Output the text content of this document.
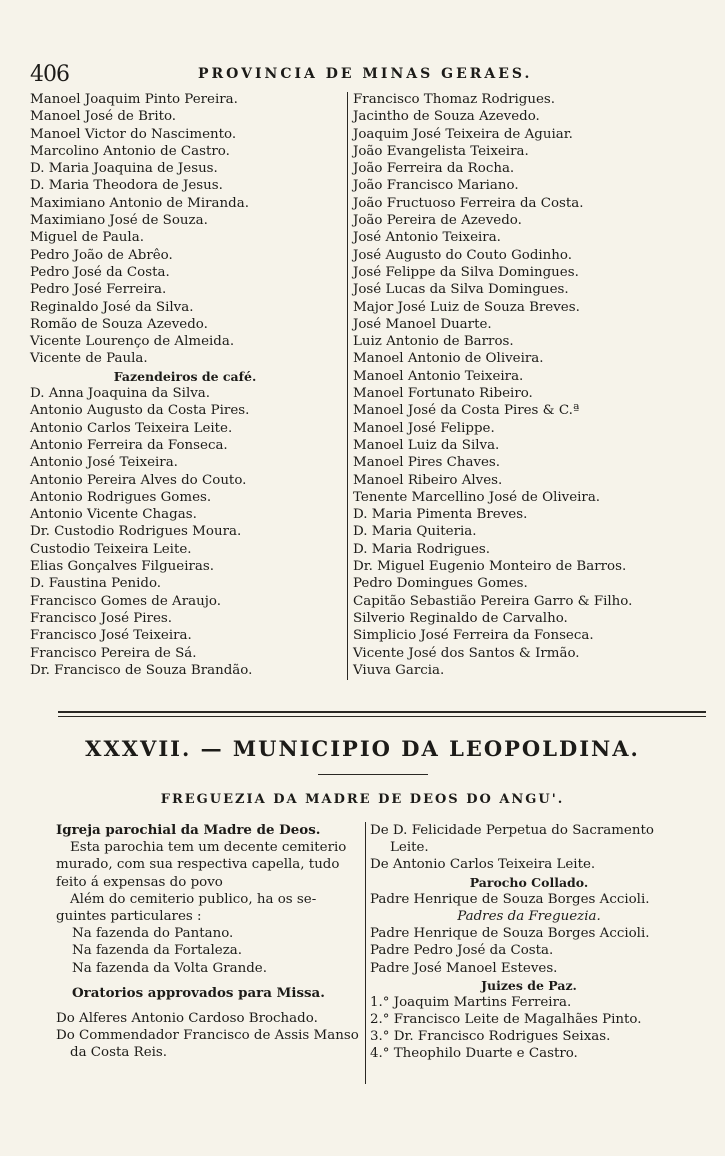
406	PROVINCIA DE MINAS GERAES.
Manoel Joaquim Pinto Pereira.
Manoel José de Brito.
Manoel Victor do Nascimento.
Marcolino Antonio de Castro.
D. Maria Joaquina de Jesus.
D. Maria Theodora de Jesus.
Maximiano Antonio de Miranda.
Maximiano José de Souza.
Miguel de Paula.
Pedro João de Abrêo.
Pedro José da Costa.
Pedro José Ferreira.
Reginaldo José da Silva.
Romão de Souza Azevedo.
Vicente Lourenço de Almeida.
Vicente de Paula.
Fazendeiros de café.
D. Anna Joaquina da Silva.
Antonio Augusto da Costa Pires.
Antonio Carlos Teixeira Leite.
Antonio Ferreira da Fonseca.
Antonio José Teixeira.
Antonio Pereira Alves do Couto.
Antonio Rodrigues Gomes.
Antonio Vicente Chagas.
Dr. Custodio Rodrigues Moura.
Custodio Teixeira Leite.
Elias Gonçalves Filgueiras.
D. Faustina Penido.
Francisco Gomes de Araujo.
Francisco José Pires.
Francisco José Teixeira.
Francisco Pereira de Sá.
Dr. Francisco de Souza Brandão.
Francisco Thomaz Rodrigues.
Jacintho de Souza Azevedo.
Joaquim José Teixeira de Aguiar.
João Evangelista Teixeira.
João Ferreira da Rocha.
João Francisco Mariano.
João Fructuoso Ferreira da Costa.
João Pereira de Azevedo.
José Antonio Teixeira.
José Augusto do Couto Godinho.
José Felippe da Silva Domingues.
José Lucas da Silva Domingues.
Major José Luiz de Souza Breves.
José Manoel Duarte.
Luiz Antonio de Barros.
Manoel Antonio de Oliveira.
Manoel Antonio Teixeira.
Manoel Fortunato Ribeiro.
Manoel José da Costa Pires & C.ª
Manoel José Felippe.
Manoel Luiz da Silva.
Manoel Pires Chaves.
Manoel Ribeiro Alves.
Tenente Marcellino José de Oliveira.
D. Maria Pimenta Breves.
D. Maria Quiteria.
D. Maria Rodrigues.
Dr. Miguel Eugenio Monteiro de Barros.
Pedro Domingues Gomes.
Capitão Sebastião Pereira Garro & Filho.
Silverio Reginaldo de Carvalho.
Simplicio José Ferreira da Fonseca.
Vicente José dos Santos & Irmão.
Viuva Garcia.
XXXVII. — MUNICIPIO DA LEOPOLDINA.
FREGUEZIA DA MADRE DE DEOS DO ANGU'.
Igreja parochial da Madre de Deos.
Esta parochia tem um decente cemiterio
murado, com sua respectiva capella, tudo
feito á expensas do povo
Além do cemiterio publico, ha os se-
guintes particulares :
Na fazenda do Pantano.
Na fazenda da Fortaleza.
Na fazenda da Volta Grande.
Oratorios approvados para Missa.
Do Alferes Antonio Cardoso Brochado.
Do Commendador Francisco de Assis Manso
da Costa Reis.
De D. Felicidade Perpetua do Sacramento
Leite.
De Antonio Carlos Teixeira Leite.
Parocho Collado.
Padre Henrique de Souza Borges Accioli.
Padres da Freguezia.
Padre Henrique de Souza Borges Accioli.
Padre Pedro José da Costa.
Padre José Manoel Esteves.
Juizes de Paz.
1.° Joaquim Martins Ferreira.
2.° Francisco Leite de Magalhães Pinto.
3.° Dr. Francisco Rodrigues Seixas.
4.° Theophilo Duarte e Castro.
